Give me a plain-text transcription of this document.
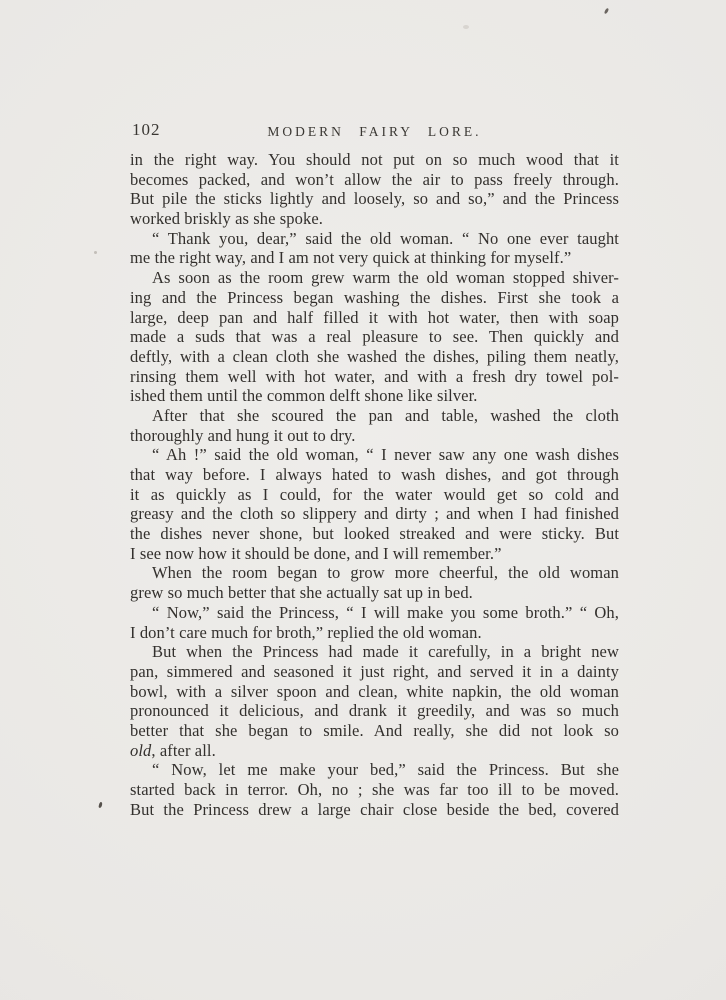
102	MODERN FAIRY LORE.
in the right way. You should not put on so much wood that it
becomes packed, and won’t allow the air to pass freely through.
But pile the sticks lightly and loosely, so and so,” and the Princess
worked briskly as she spoke.
“ Thank you, dear,” said the old woman. “ No one ever taught
me the right way, and I am not very quick at thinking for myself.”
As soon as the room grew warm the old woman stopped shiver-
ing and the Princess began washing the dishes. First she took a
large, deep pan and half filled it with hot water, then with soap
made a suds that was a real pleasure to see. Then quickly and
deftly, with a clean cloth she washed the dishes, piling them neatly,
rinsing them well with hot water, and with a fresh dry towel pol-
ished them until the common delft shone like silver.
After that she scoured the pan and table, washed the cloth
thoroughly and hung it out to dry.
“ Ah !” said the old woman, “ I never saw any one wash dishes
that way before. I always hated to wash dishes, and got through
it as quickly as I could, for the water would get so cold and
greasy and the cloth so slippery and dirty ; and when I had finished
the dishes never shone, but looked streaked and were sticky. But
I see now how it should be done, and I will remember.”
When the room began to grow more cheerful, the old woman
grew so much better that she actually sat up in bed.
“ Now,” said the Princess, “ I will make you some broth.” “ Oh,
I don’t care much for broth,” replied the old woman.
But when the Princess had made it carefully, in a bright new
pan, simmered and seasoned it just right, and served it in a dainty
bowl, with a silver spoon and clean, white napkin, the old woman
pronounced it delicious, and drank it greedily, and was so much
better that she began to smile. And really, she did not look so
old, after all.
“ Now, let me make your bed,” said the Princess. But she
started back in terror. Oh, no ; she was far too ill to be moved.
But the Princess drew a large chair close beside the bed, covered
